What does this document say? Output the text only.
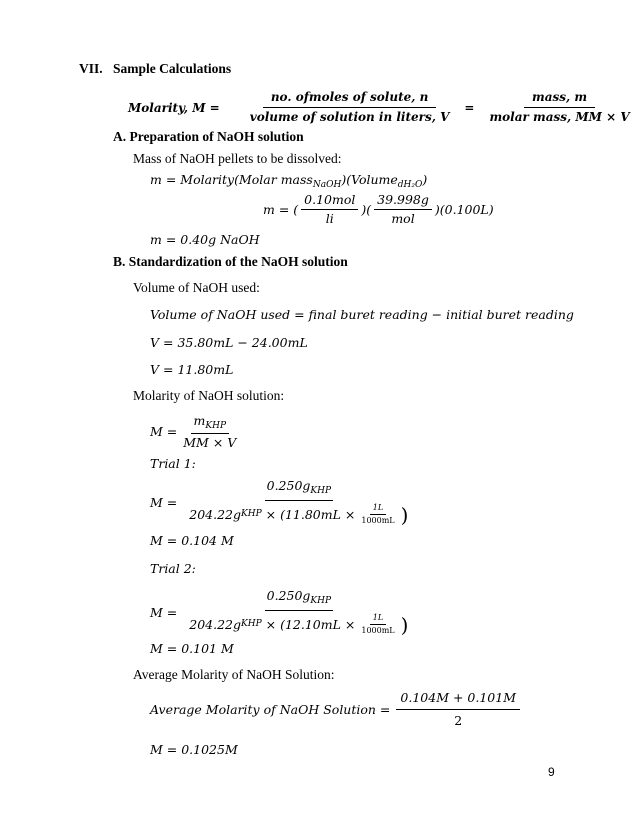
VII. Sample Calculations
Molarity, $M = \frac{\text{no. ofmoles of solute, n}}{\text{volume of solution in liters, V}} = \frac{\text{mass, m}}{\text{molar mass, MM × V}}$
A. Preparation of NaOH solution
Mass of NaOH pellets to be dissolved:
m = Molarity(Molar mass$_{NaOH}$)(Volume$_{dH_2O}$)
m = ( $\frac{\text{0.10mol}}{li}$ )( $\frac{39.998g}{\text{mol}} )(0.100L)$
m = 0.40g NaOH
B. Standardization of the NaOH solution
Volume of NaOH used:
Volume of NaOH used = final buret reading − initial buret reading
V = 35.80mL − 24.00mL
V = 11.80mL
Molarity of NaOH solution:
$M = \frac{m_{KHP}}{MM \times V}$
Trial 1:
M =
$0.250g_{KHP}$
204.22g KHP × ($11.80mL \times \frac{1L}{1000mL}$ )
M = 0.104 M
Trial 2:
M =
$0.250g_{KHP}$
204.22g KHP × ($12.10mL \times \frac{1L}{1000mL}$ )
M = 0.101 M
Average Molarity of NaOH Solution:
Average Molarity of NaOH Solution = $\frac{0.104M + 0.101M}{2}$
M = 0.1025M
9
